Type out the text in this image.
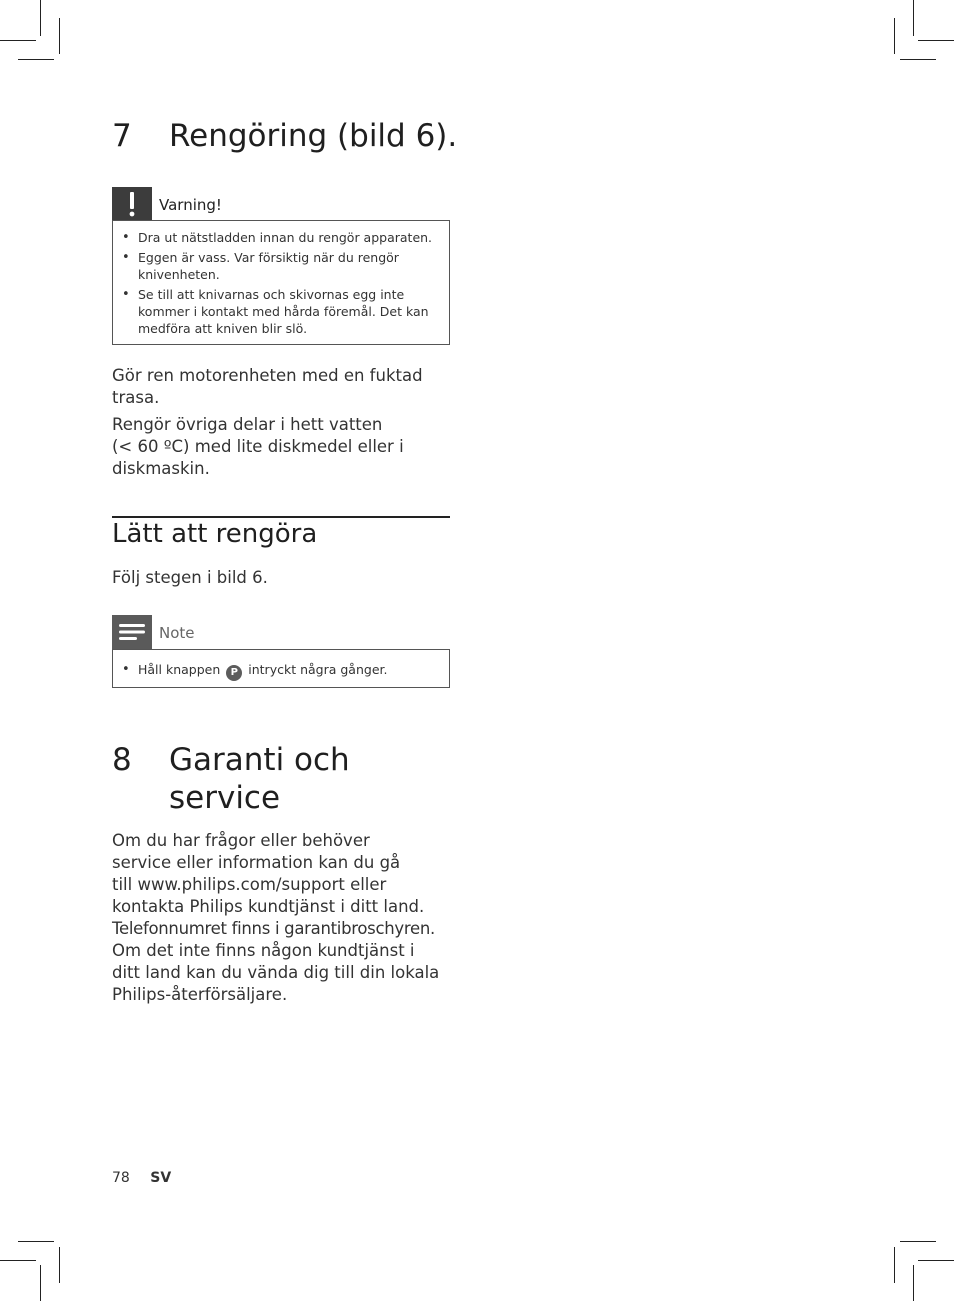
7 Rengöring (bild 6).
Varning!
• Dra ut nätstladden innan du rengör apparaten.
• Eggen är vass. Var försiktig när du rengör knivenheten.
• Se till att knivarnas och skivornas egg inte kommer i kontakt med hårda föremål. Det kan medföra att kniven blir slö.

Gör ren motorenheten med en fuktad trasa.

Rengör övriga delar i hett vatten
(< 60 ºC) med lite diskmedel eller i diskmaskin.

Lätt att rengöra

Följ stegen i bild 6.

Note
• Håll knappen P intryckt några gånger.
8 Garanti och
service
Om du har frågor eller behöver
service eller information kan du gå
till www.philips.com/support eller
kontakta Philips kundtjänst i ditt land.
Telefonnumret finns i garantibroschyren.
Om det inte finns någon kundtjänst i
ditt land kan du vända dig till din lokala
Philips-återförsäljare.
78 SV
